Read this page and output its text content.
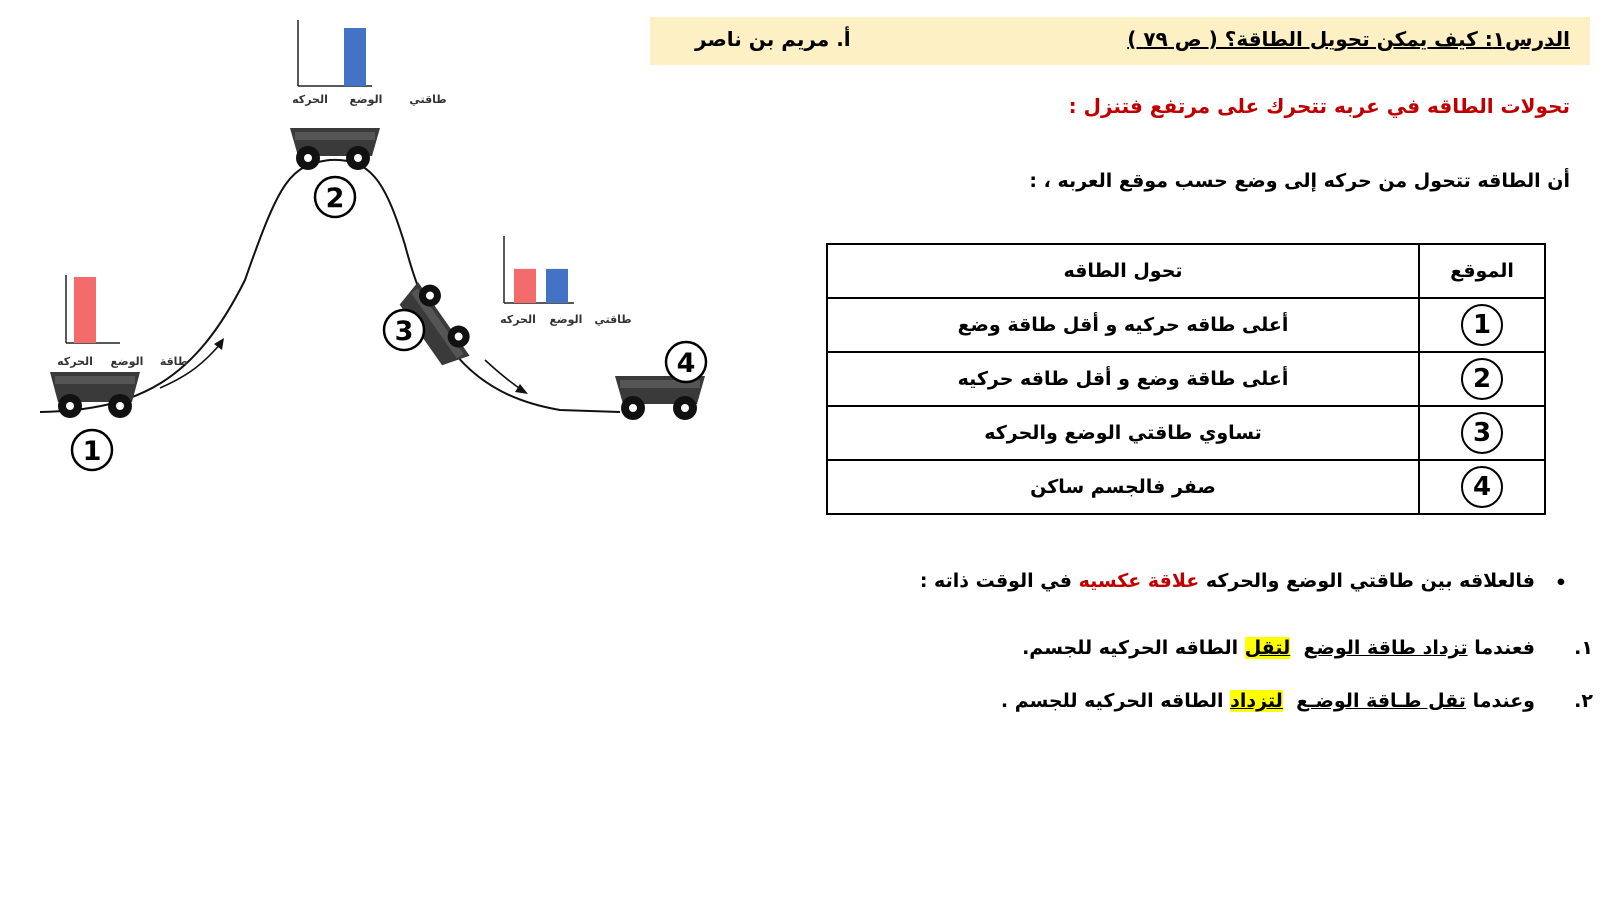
1
2
3
4
الحركه الوضع طاقة
الحركه الوضع طاقتي
الحركه الوضع طاقتي
الدرس١: كيف يمكن تحويل الطاقة؟ ( ص ٧٩ )
أ. مريم بن ناصر
تحولات الطاقه في عربه تتحرك على مرتفع فتنزل :
أن الطاقه تتحول من حركه إلى وضع حسب موقع العربه ، :
الموقع	تحول الطاقه
1	أعلى طاقه حركيه و أقل طاقة وضع
2	أعلى طاقة وضع و أقل طاقه حركيه
3	تساوي طاقتي الوضع والحركه
4	صفر فالجسم ساكن
•
فالعلاقه بين طاقتي الوضع والحركه علاقة عكسيه في الوقت ذاته :
١.
فعندما تزداد طاقة الوضع  لتقل الطاقه الحركيه للجسم.
٢.
وعندما تقل طـاقة الوضـع  لتزداد الطاقه الحركيه للجسم .
